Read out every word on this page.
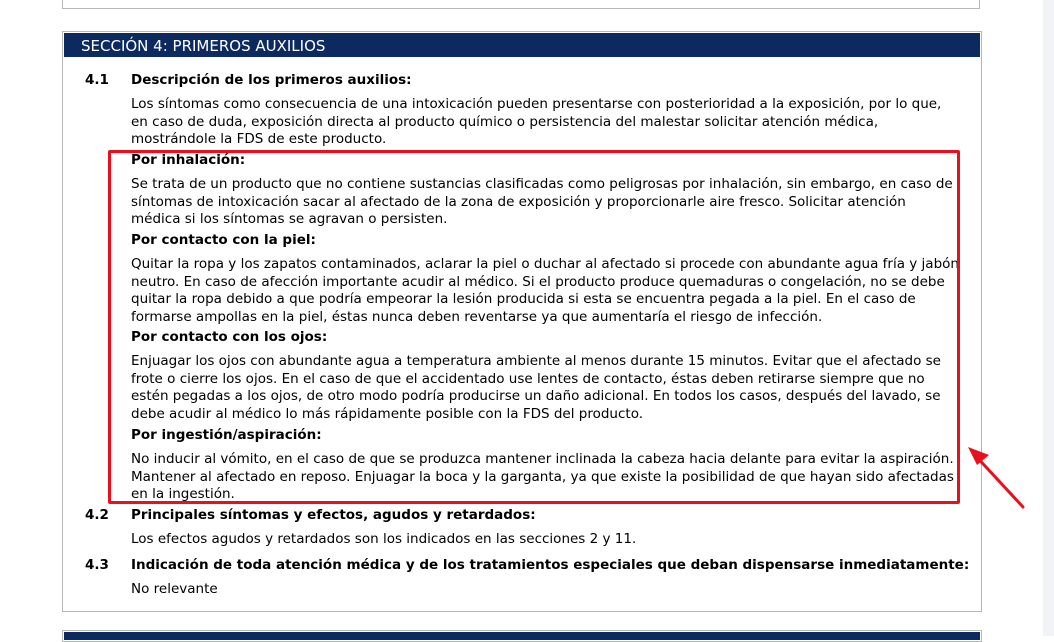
SECCIÓN 4: PRIMEROS AUXILIOS
4.1 Descripción de los primeros auxilios:
Los síntomas como consecuencia de una intoxicación pueden presentarse con posterioridad a la exposición, por lo que, en caso de duda, exposición directa al producto químico o persistencia del malestar solicitar atención médica, mostrándole la FDS de este producto.
Por inhalación:
Se trata de un producto que no contiene sustancias clasificadas como peligrosas por inhalación, sin embargo, en caso de síntomas de intoxicación sacar al afectado de la zona de exposición y proporcionarle aire fresco. Solicitar atención médica si los síntomas se agravan o persisten.
Por contacto con la piel:
Quitar la ropa y los zapatos contaminados, aclarar la piel o duchar al afectado si procede con abundante agua fría y jabón neutro. En caso de afección importante acudir al médico. Si el producto produce quemaduras o congelación, no se debe quitar la ropa debido a que podría empeorar la lesión producida si esta se encuentra pegada a la piel. En el caso de formarse ampollas en la piel, éstas nunca deben reventarse ya que aumentaría el riesgo de infección.
Por contacto con los ojos:
Enjuagar los ojos con abundante agua a temperatura ambiente al menos durante 15 minutos. Evitar que el afectado se frote o cierre los ojos. En el caso de que el accidentado use lentes de contacto, éstas deben retirarse siempre que no estén pegadas a los ojos, de otro modo podría producirse un daño adicional. En todos los casos, después del lavado, se debe acudir al médico lo más rápidamente posible con la FDS del producto.
Por ingestión/aspiración:
No inducir al vómito, en el caso de que se produzca mantener inclinada la cabeza hacia delante para evitar la aspiración. Mantener al afectado en reposo. Enjuagar la boca y la garganta, ya que existe la posibilidad de que hayan sido afectadas en la ingestión.
4.2 Principales síntomas y efectos, agudos y retardados:
Los efectos agudos y retardados son los indicados en las secciones 2 y 11.
4.3 Indicación de toda atención médica y de los tratamientos especiales que deban dispensarse inmediatamente:
No relevante
